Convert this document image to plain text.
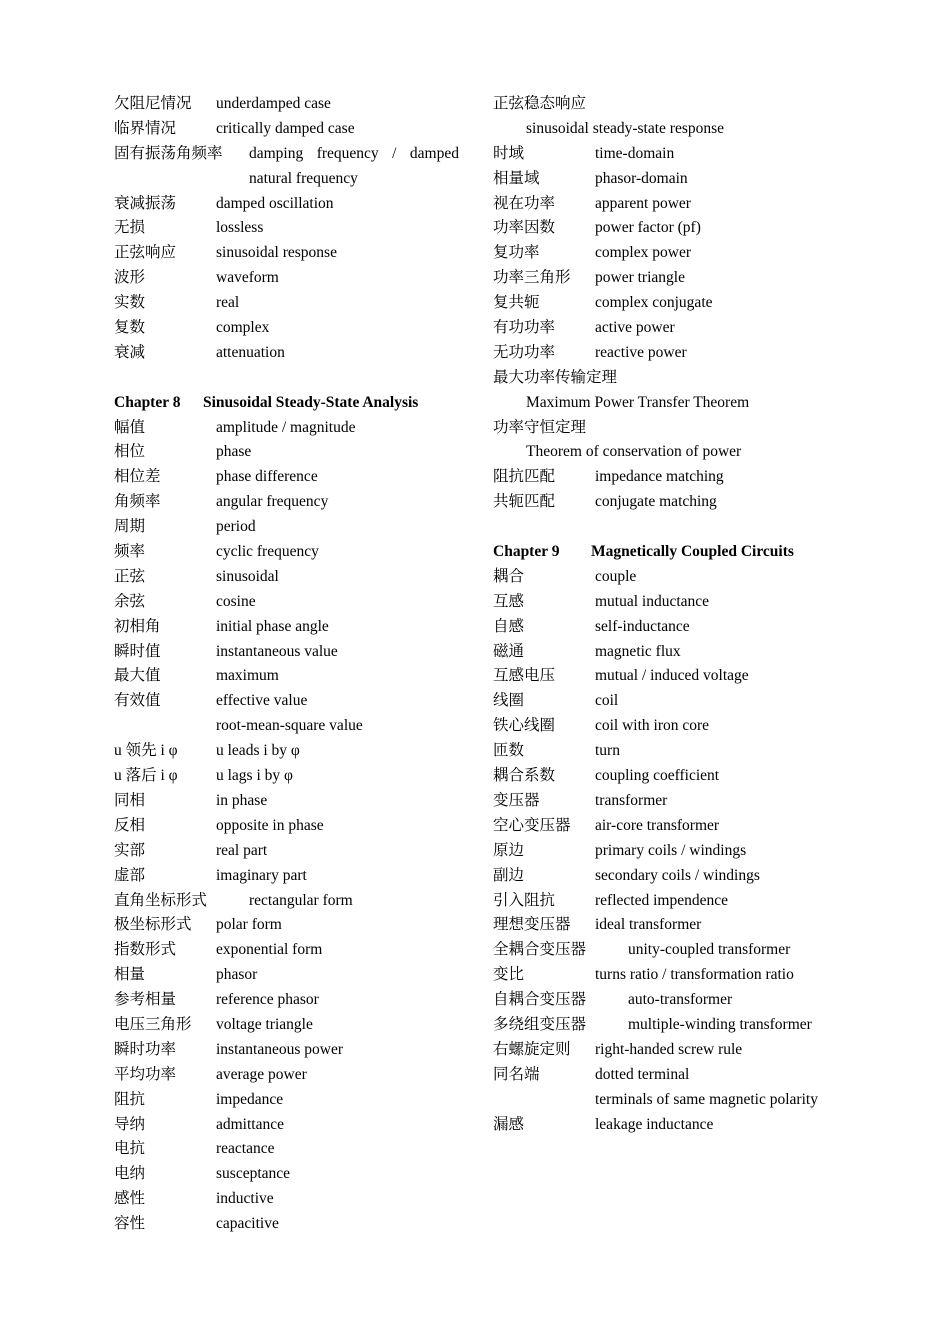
欠阻尼情况 underdamped case
临界情况	critically damped case
固有振荡角频率 damping frequency / damped
natural frequency
衰减振荡	damped oscillation
无损	lossless
正弦响应	sinusoidal response
波形	waveform
实数	real
复数	complex
衰减	attenuation
Chapter 8 Sinusoidal Steady-State Analysis
幅值	amplitude / magnitude
相位	phase
相位差	phase difference
角频率	angular frequency
周期	period
频率	cyclic frequency
正弦	sinusoidal
余弦	cosine
初相角	initial phase angle
瞬时值	instantaneous value
最大值	maximum
有效值	effective value
root-mean-square value
u 领先 i φ u leads i by φ
u 落后 i φ u lags i by φ
同相	in phase
反相	opposite in phase
实部	real part
虚部	imaginary part
直角坐标形式	rectangular form
极坐标形式 polar form
指数形式	exponential form
相量	phasor
参考相量	reference phasor
电压三角形 voltage triangle
瞬时功率	instantaneous power
平均功率	average power
阻抗	impedance
导纳	admittance
电抗	reactance
电纳	susceptance
感性	inductive
容性	capacitive
正弦稳态响应
sinusoidal steady-state response
时域	time-domain
相量域	phasor-domain
视在功率	apparent power
功率因数	power factor (pf)
复功率	complex power
功率三角形 power triangle
复共轭	complex conjugate
有功功率	active power
无功功率	reactive power
最大功率传输定理
Maximum Power Transfer Theorem
功率守恒定理
Theorem of conservation of power
阻抗匹配	impedance matching
共轭匹配	conjugate matching
Chapter 9 Magnetically Coupled Circuits
耦合	couple
互感	mutual inductance
自感	self-inductance
磁通	magnetic flux
互感电压	mutual / induced voltage
线圈	coil
铁心线圈	coil with iron core
匝数	turn
耦合系数	coupling coefficient
变压器	transformer
空心变压器 air-core transformer
原边	primary coils / windings
副边	secondary coils / windings
引入阻抗	reflected impendence
理想变压器 ideal transformer
全耦合变压器	unity-coupled transformer
变比	turns ratio / transformation ratio
自耦合变压器	auto-transformer
多绕组变压器	multiple-winding transformer
右螺旋定则 right-handed screw rule
同名端	dotted terminal
terminals of same magnetic polarity
漏感	leakage inductance
